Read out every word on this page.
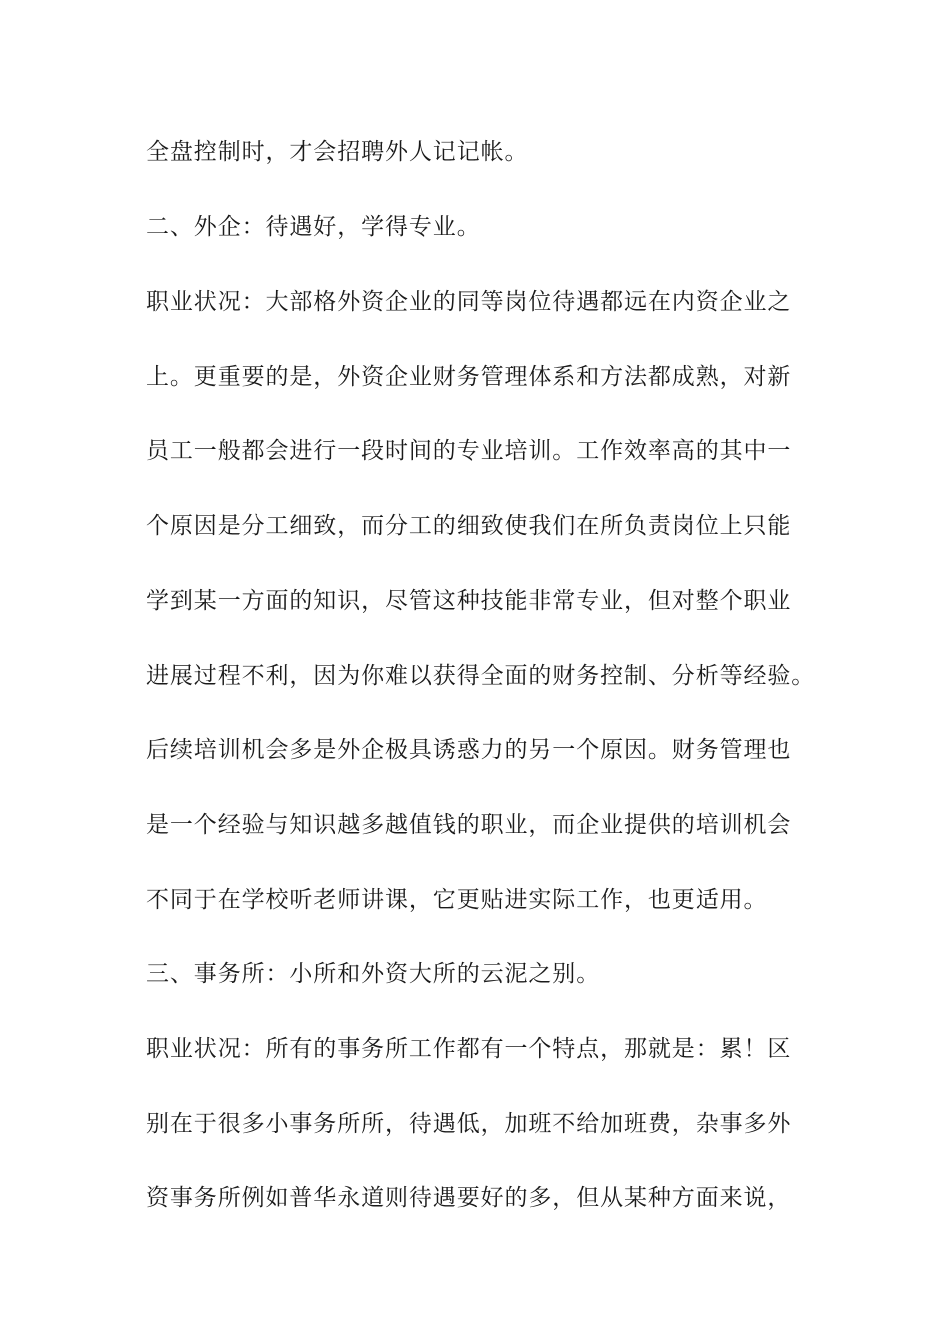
全盘控制时，才会招聘外人记记帐。

二、外企：待遇好，学得专业。

职业状况：大部格外资企业的同等岗位待遇都远在内资企业之

上。更重要的是，外资企业财务管理体系和方法都成熟，对新

员工一般都会进行一段时间的专业培训。工作效率高的其中一

个原因是分工细致，而分工的细致使我们在所负责岗位上只能

学到某一方面的知识，尽管这种技能非常专业，但对整个职业

进展过程不利，因为你难以获得全面的财务控制、分析等经验。

后续培训机会多是外企极具诱惑力的另一个原因。财务管理也

是一个经验与知识越多越值钱的职业，而企业提供的培训机会

不同于在学校听老师讲课，它更贴进实际工作，也更适用。

三、事务所：小所和外资大所的云泥之别。

职业状况：所有的事务所工作都有一个特点，那就是：累！区

别在于很多小事务所所，待遇低，加班不给加班费，杂事多外

资事务所例如普华永道则待遇要好的多，但从某种方面来说，
